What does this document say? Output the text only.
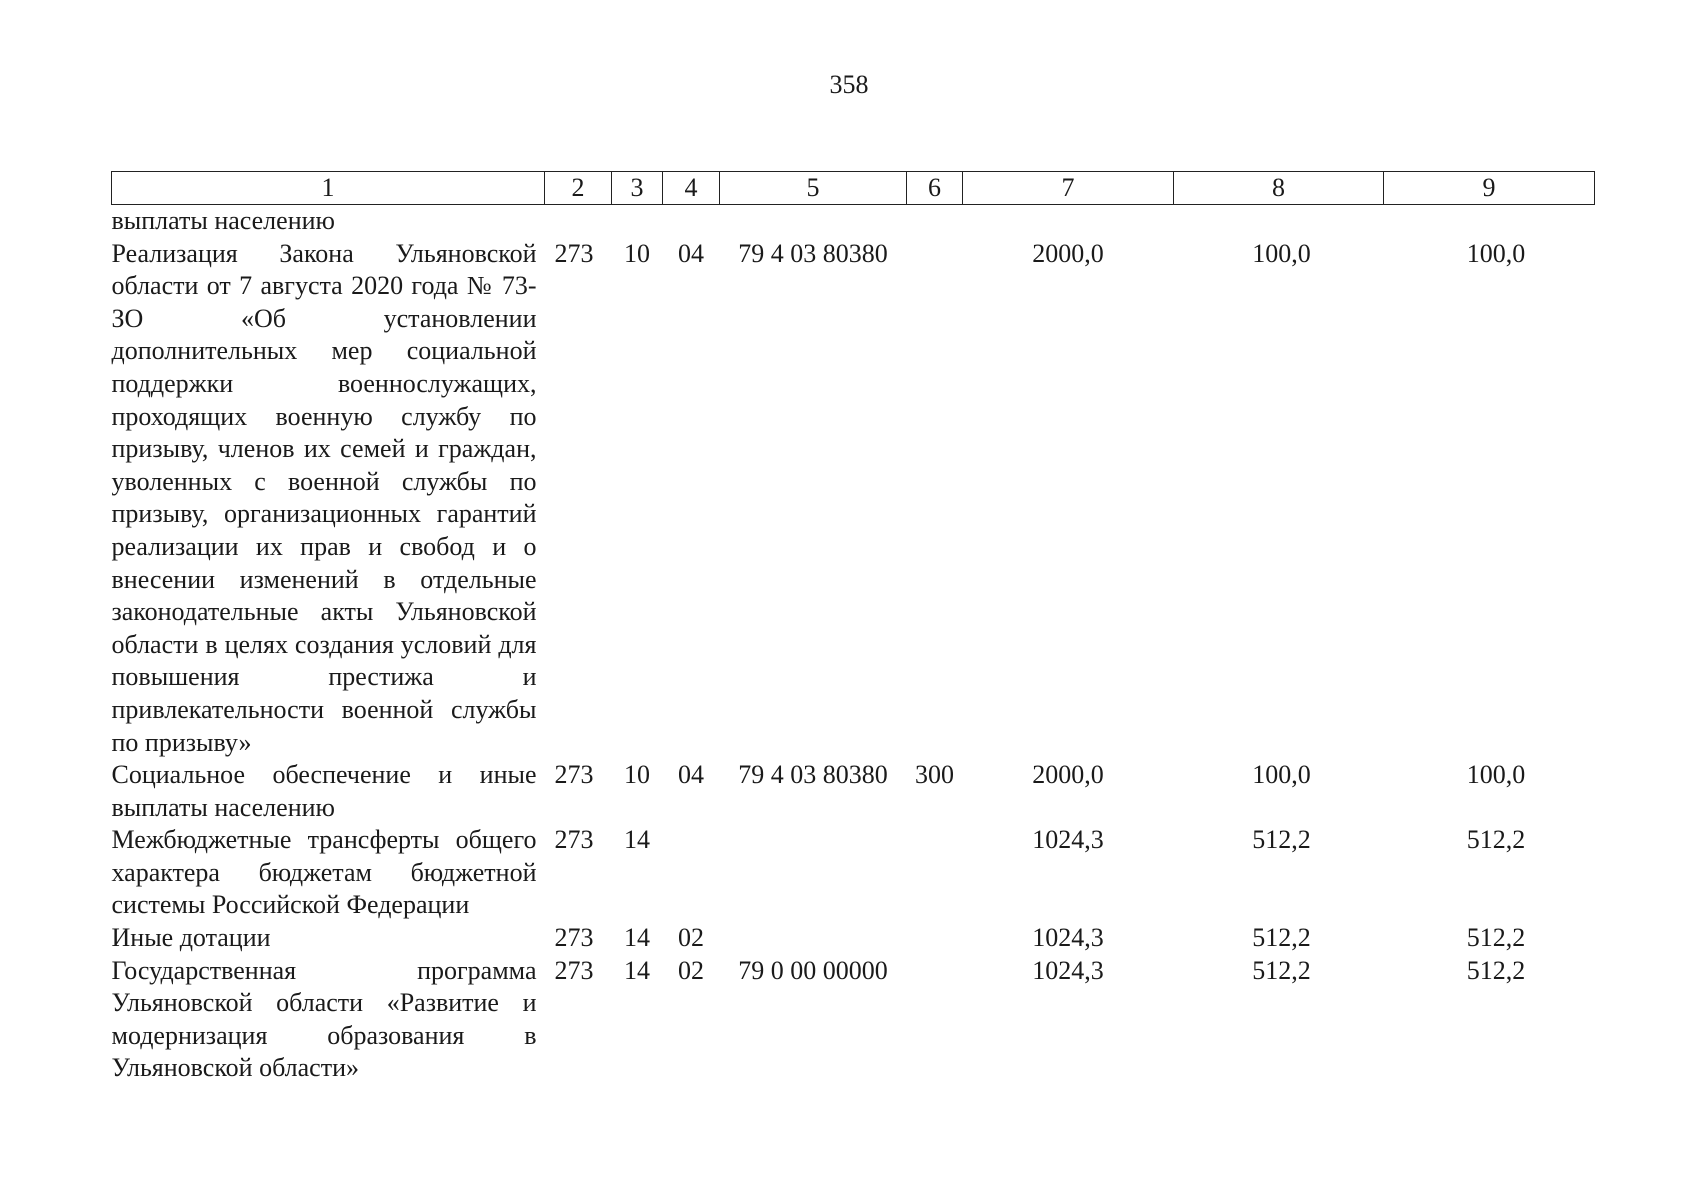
358
1	2	3	4	5	6	7	8	9
выплаты населению								
Реализация Закона Ульяновской области от 7 августа 2020 года № 73-ЗО «Об установлении дополнительных мер социальной поддержки военнослужащих, проходящих военную службу по призыву, членов их семей и граждан, уволенных с военной службы по призыву, организационных гарантий реализации их прав и свобод и о внесении изменений в отдельные законодательные акты Ульяновской области в целях создания условий для повышения престижа и привлекательности военной службы по призыву»	273	10	04	79 4 03 80380		2000,0	100,0	100,0
Социальное обеспечение и иные выплаты населению	273	10	04	79 4 03 80380	300	2000,0	100,0	100,0
Межбюджетные трансферты общего характера бюджетам бюджетной системы Российской Федерации	273	14				1024,3	512,2	512,2
Иные дотации	273	14	02			1024,3	512,2	512,2
Государственная программа Ульяновской области «Развитие и модернизация образования в Ульяновской области»	273	14	02	79 0 00 00000		1024,3	512,2	512,2
